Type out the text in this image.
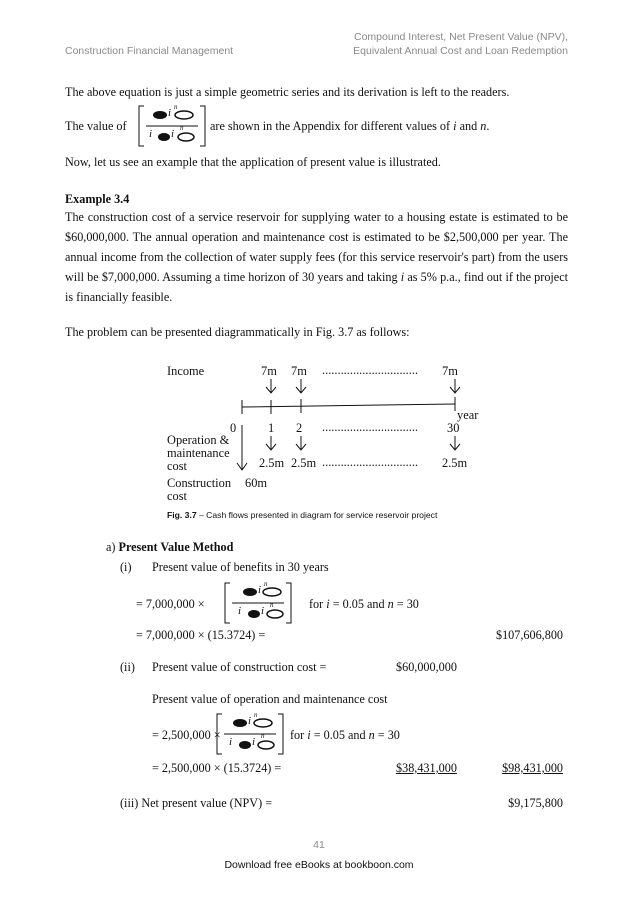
Construction Financial Management
Compound Interest, Net Present Value (NPV),
Equivalent Annual Cost and Loan Redemption
The above equation is just a simple geometric series and its derivation is left to the readers.
The value of
i n
i i n are shown in the Appendix for different values of i and n.
Now, let us see an example that the application of present value is illustrated.
Example 3.4
The construction cost of a service reservoir for supplying water to a housing estate is estimated to be $60,000,000. The annual operation and maintenance cost is estimated to be $2,500,000 per year. The annual income from the collection of water supply fees (for this service reservoir's part) from the users will be $7,000,000. Assuming a time horizon of 30 years and taking i as 5% p.a., find out if the project is financially feasible.
The problem can be presented diagrammatically in Fig. 3.7 as follows:
Income	7m 7m ............................... 7m
year
0	1 2 ............................... 30
Operation &
maintenance
cost	2.5m 2.5m ............................... 2.5m
Construction 60m
cost
Fig. 3.7 – Cash flows presented in diagram for service reservoir project
a) Present Value Method
(i) Present value of benefits in 30 years
= 7,000,000 ×
i n
i i n	for i = 0.05 and n = 30
= 7,000,000 × (15.3724) =	$107,606,800
(ii) Present value of construction cost =	$60,000,000
Present value of operation and maintenance cost
= 2,500,000 ×
i n
i i n for i = 0.05 and n = 30
= 2,500,000 × (15.3724) =	$38,431,000	$98,431,000
(iii) Net present value (NPV) =	$9,175,800
41
Download free eBooks at bookboon.com
